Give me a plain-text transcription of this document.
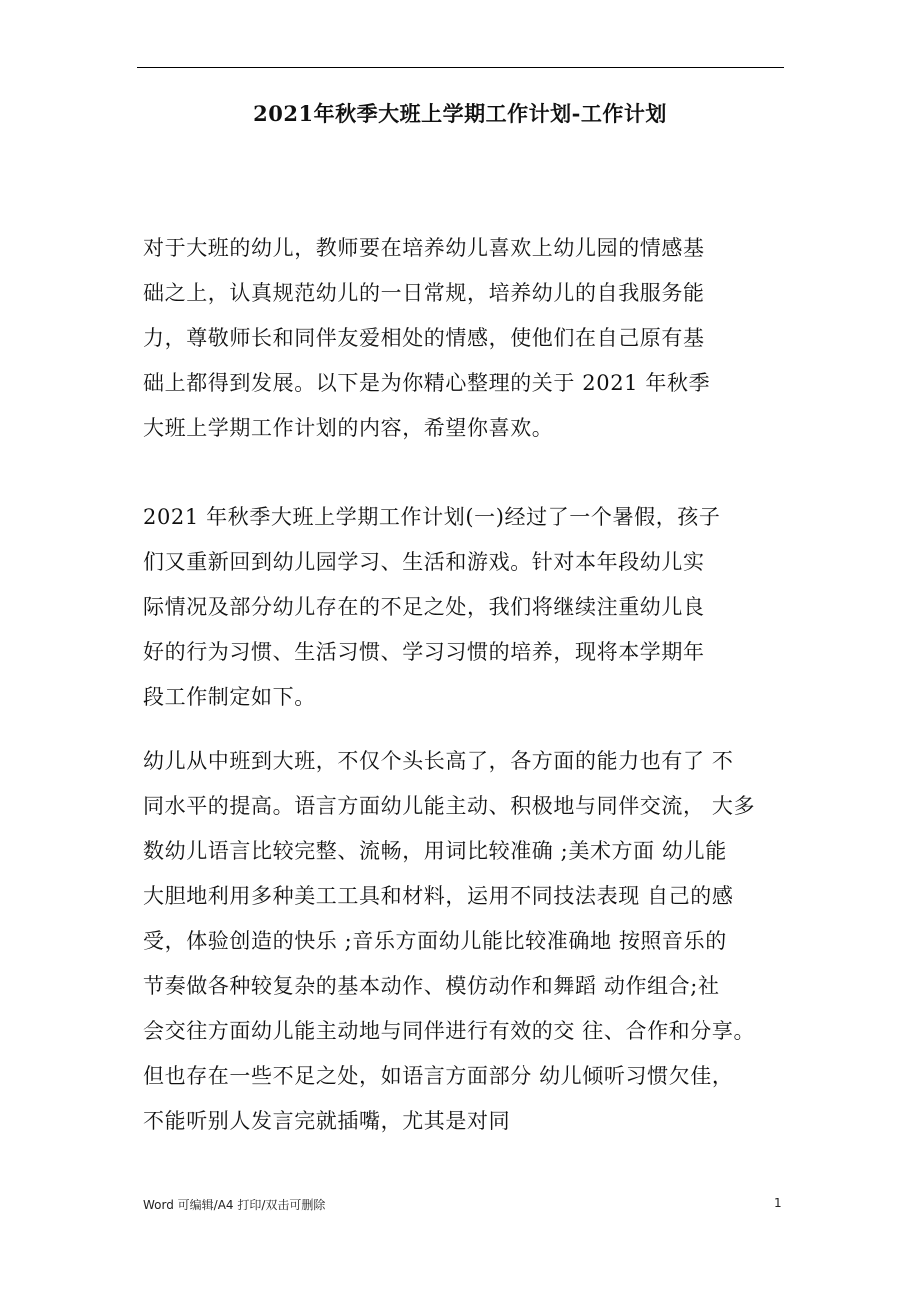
2021年秋季大班上学期工作计划-工作计划
对于大班的幼儿，教师要在培养幼儿喜欢上幼儿园的情感基
础之上，认真规范幼儿的一日常规，培养幼儿的自我服务能
力，尊敬师长和同伴友爱相处的情感，使他们在自己原有基
础上都得到发展。以下是为你精心整理的关于 2021 年秋季
大班上学期工作计划的内容，希望你喜欢。
2021 年秋季大班上学期工作计划(一)经过了一个暑假，孩子
们又重新回到幼儿园学习、生活和游戏。针对本年段幼儿实
际情况及部分幼儿存在的不足之处，我们将继续注重幼儿良
好的行为习惯、生活习惯、学习习惯的培养，现将本学期年
段工作制定如下。
幼儿从中班到大班，不仅个头长高了，各方面的能力也有了 不
同水平的提高。语言方面幼儿能主动、积极地与同伴交流， 大多
数幼儿语言比较完整、流畅，用词比较准确 ;美术方面 幼儿能
大胆地利用多种美工工具和材料，运用不同技法表现 自己的感
受，体验创造的快乐 ;音乐方面幼儿能比较准确地 按照音乐的
节奏做各种较复杂的基本动作、模仿动作和舞蹈 动作组合;社
会交往方面幼儿能主动地与同伴进行有效的交 往、合作和分享。
但也存在一些不足之处，如语言方面部分 幼儿倾听习惯欠佳，
不能听别人发言完就插嘴，尤其是对同
Word 可编辑/A4 打印/双击可删除	1
